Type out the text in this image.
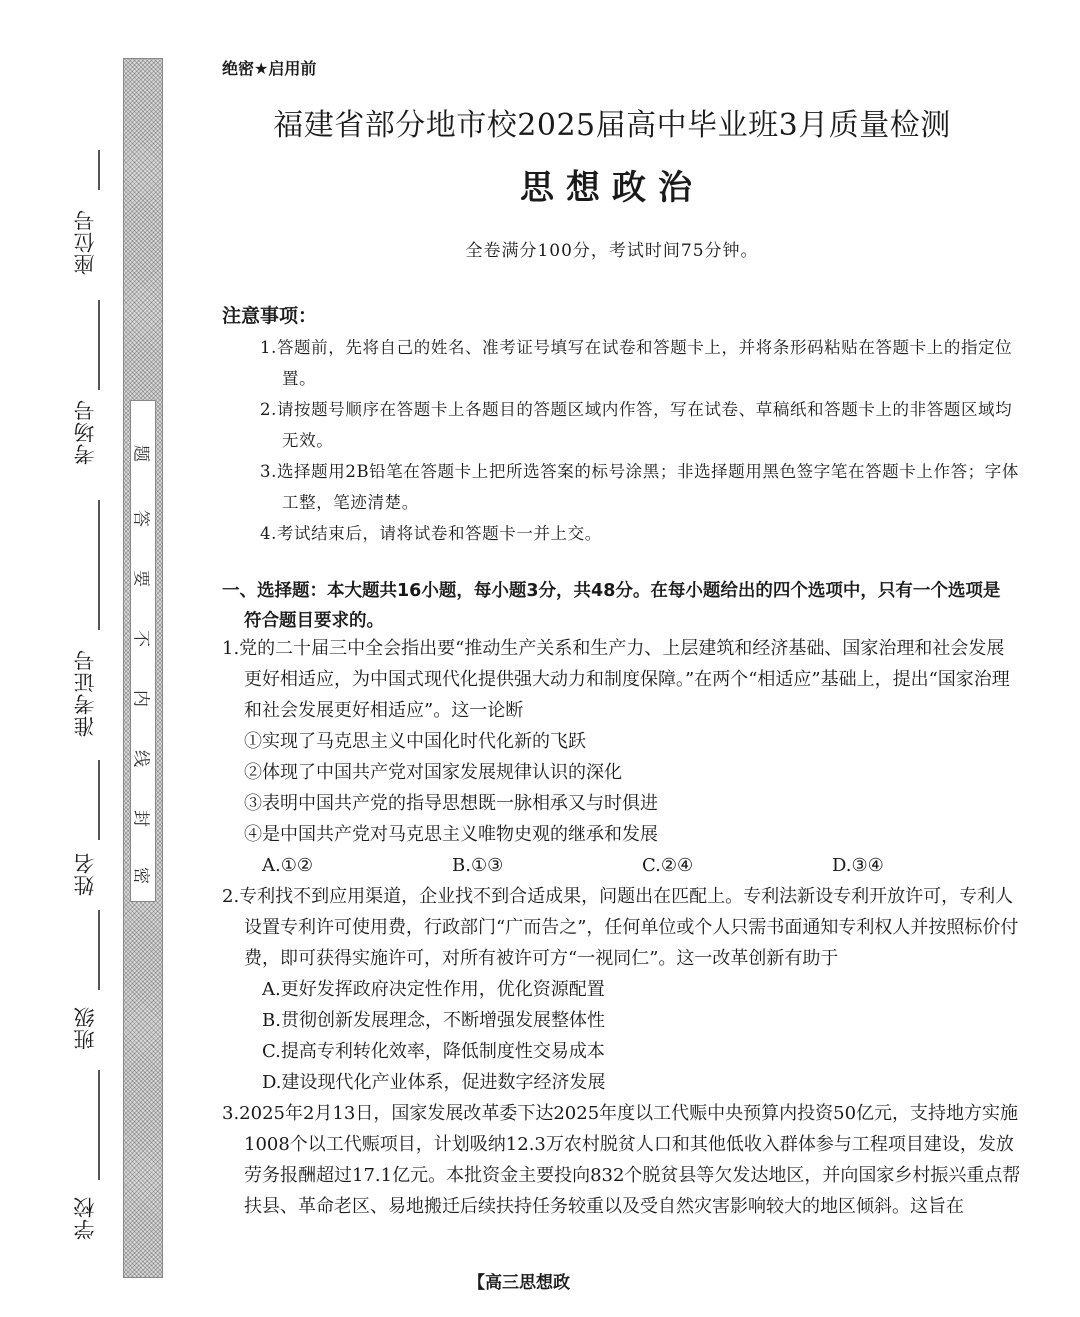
座位号
考场号
准考证号
姓名
班级
学校
题
答
要
不
内
线
封
密
绝密★启用前
福建省部分地市校2025届高中毕业班3月质量检测
思想政治
全卷满分100分，考试时间75分钟。
注意事项：
1.答题前，先将自己的姓名、准考证号填写在试卷和答题卡上，并将条形码粘贴在答题卡上的指定位置。
2.请按题号顺序在答题卡上各题目的答题区域内作答，写在试卷、草稿纸和答题卡上的非答题区域均无效。
3.选择题用2B铅笔在答题卡上把所选答案的标号涂黑；非选择题用黑色签字笔在答题卡上作答；字体工整，笔迹清楚。
4.考试结束后，请将试卷和答题卡一并上交。
一、选择题：本大题共16小题，每小题3分，共48分。在每小题给出的四个选项中，只有一个选项是符合题目要求的。
1.党的二十届三中全会指出要“推动生产关系和生产力、上层建筑和经济基础、国家治理和社会发展更好相适应，为中国式现代化提供强大动力和制度保障。”在两个“相适应”基础上，提出“国家治理和社会发展更好相适应”。这一论断
①实现了马克思主义中国化时代化新的飞跃
②体现了中国共产党对国家发展规律认识的深化
③表明中国共产党的指导思想既一脉相承又与时俱进
④是中国共产党对马克思主义唯物史观的继承和发展
A.①②	B.①③	C.②④	D.③④
2.专利找不到应用渠道，企业找不到合适成果，问题出在匹配上。专利法新设专利开放许可，专利人设置专利许可使用费，行政部门“广而告之”，任何单位或个人只需书面通知专利权人并按照标价付费，即可获得实施许可，对所有被许可方“一视同仁”。这一改革创新有助于
A.更好发挥政府决定性作用，优化资源配置
B.贯彻创新发展理念，不断增强发展整体性
C.提高专利转化效率，降低制度性交易成本
D.建设现代化产业体系，促进数字经济发展
3.2025年2月13日，国家发展改革委下达2025年度以工代赈中央预算内投资50亿元，支持地方实施1008个以工代赈项目，计划吸纳12.3万农村脱贫人口和其他低收入群体参与工程项目建设，发放劳务报酬超过17.1亿元。本批资金主要投向832个脱贫县等欠发达地区，并向国家乡村振兴重点帮扶县、革命老区、易地搬迁后续扶持任务较重以及受自然灾害影响较大的地区倾斜。这旨在
【高三思想政
